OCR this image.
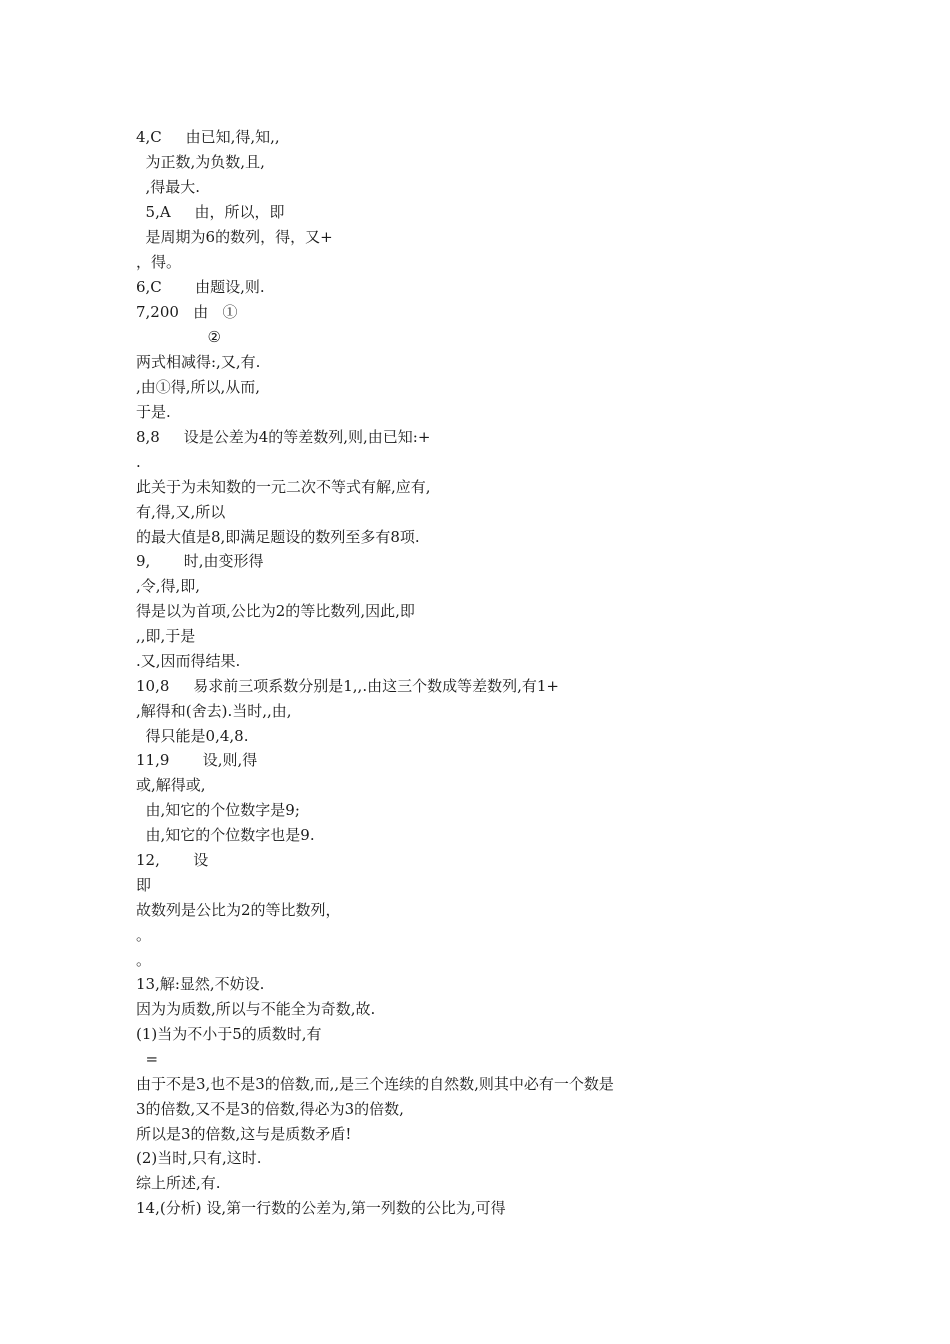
4,C     由已知,得,知,,
为正数,为负数,且,
,得最大.
5,A     由，所以，即
是周期为6的数列，得，又+
，得。
6,C       由题设,则.
7,200   由   ①
②
两式相减得:,又,有.
,由①得,所以,从而,
于是.
8,8     设是公差为4的等差数列,则,由已知:+
.
此关于为未知数的一元二次不等式有解,应有,
有,得,又,所以
的最大值是8,即满足题设的数列至多有8项.
9,       时,由变形得
,令,得,即,
得是以为首项,公比为2的等比数列,因此,即
,,即,于是
.又,因而得结果.
10,8     易求前三项系数分别是1,,.由这三个数成等差数列,有1+
,解得和(舍去).当时,,由,
得只能是0,4,8.
11,9       设,则,得
或,解得或,
由,知它的个位数字是9;
由,知它的个位数字也是9.
12,       设
即
故数列是公比为2的等比数列，
。
。
13,解:显然,不妨设.
因为为质数,所以与不能全为奇数,故.
(1)当为不小于5的质数时,有
=
由于不是3,也不是3的倍数,而,,是三个连续的自然数,则其中必有一个数是
3的倍数,又不是3的倍数,得必为3的倍数,
所以是3的倍数,这与是质数矛盾!
(2)当时,只有,这时.
综上所述,有.
14,(分析) 设,第一行数的公差为,第一列数的公比为,可得
